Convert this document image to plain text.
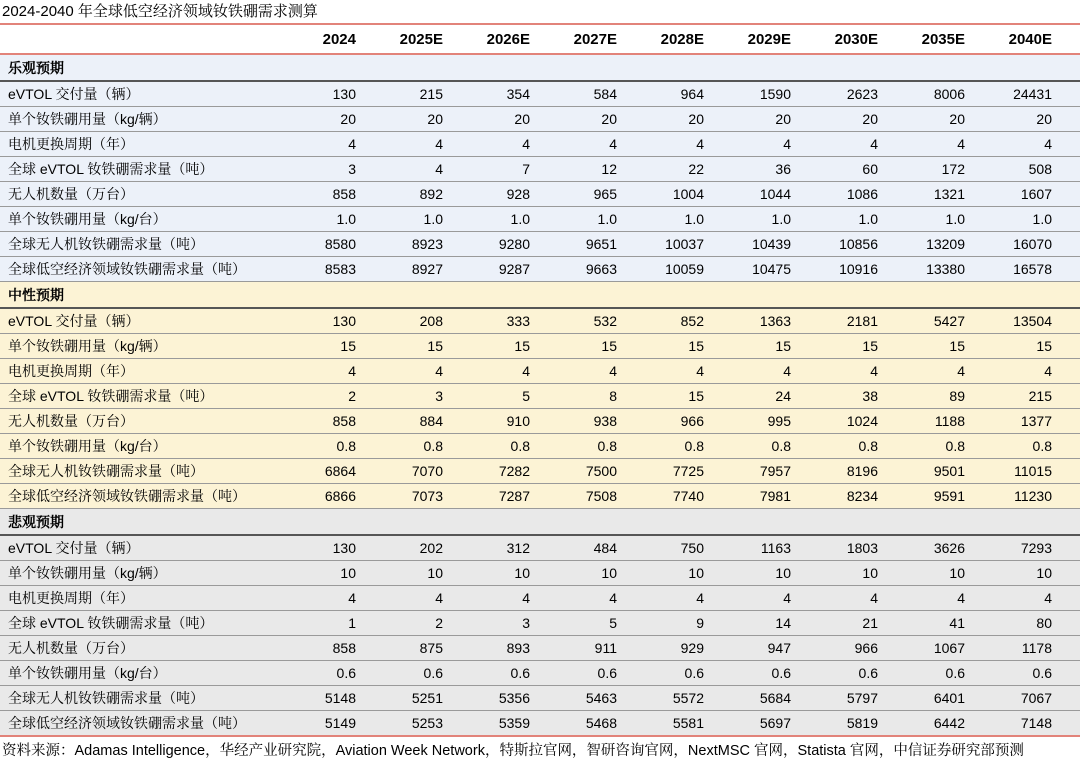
2024-2040 年全球低空经济领域钕铁硼需求测算
	2024	2025E	2026E	2027E	2028E	2029E	2030E	2035E	2040E	
乐观预期										
eVTOL 交付量（辆）	130	215	354	584	964	1590	2623	8006	24431	
单个钕铁硼用量（kg/辆）	20	20	20	20	20	20	20	20	20	
电机更换周期（年）	4	4	4	4	4	4	4	4	4	
全球 eVTOL 钕铁硼需求量（吨）	3	4	7	12	22	36	60	172	508	
无人机数量（万台）	858	892	928	965	1004	1044	1086	1321	1607	
单个钕铁硼用量（kg/台）	1.0	1.0	1.0	1.0	1.0	1.0	1.0	1.0	1.0	
全球无人机钕铁硼需求量（吨）	8580	8923	9280	9651	10037	10439	10856	13209	16070	
全球低空经济领域钕铁硼需求量（吨）	8583	8927	9287	9663	10059	10475	10916	13380	16578	
中性预期										
eVTOL 交付量（辆）	130	208	333	532	852	1363	2181	5427	13504	
单个钕铁硼用量（kg/辆）	15	15	15	15	15	15	15	15	15	
电机更换周期（年）	4	4	4	4	4	4	4	4	4	
全球 eVTOL 钕铁硼需求量（吨）	2	3	5	8	15	24	38	89	215	
无人机数量（万台）	858	884	910	938	966	995	1024	1188	1377	
单个钕铁硼用量（kg/台）	0.8	0.8	0.8	0.8	0.8	0.8	0.8	0.8	0.8	
全球无人机钕铁硼需求量（吨）	6864	7070	7282	7500	7725	7957	8196	9501	11015	
全球低空经济领域钕铁硼需求量（吨）	6866	7073	7287	7508	7740	7981	8234	9591	11230	
悲观预期										
eVTOL 交付量（辆）	130	202	312	484	750	1163	1803	3626	7293	
单个钕铁硼用量（kg/辆）	10	10	10	10	10	10	10	10	10	
电机更换周期（年）	4	4	4	4	4	4	4	4	4	
全球 eVTOL 钕铁硼需求量（吨）	1	2	3	5	9	14	21	41	80	
无人机数量（万台）	858	875	893	911	929	947	966	1067	1178	
单个钕铁硼用量（kg/台）	0.6	0.6	0.6	0.6	0.6	0.6	0.6	0.6	0.6	
全球无人机钕铁硼需求量（吨）	5148	5251	5356	5463	5572	5684	5797	6401	7067	
全球低空经济领域钕铁硼需求量（吨）	5149	5253	5359	5468	5581	5697	5819	6442	7148	
资料来源：Adamas Intelligence，华经产业研究院，Aviation Week Network，特斯拉官网，智研咨询官网，NextMSC 官网，Statista 官网，中信证券研究部预测
